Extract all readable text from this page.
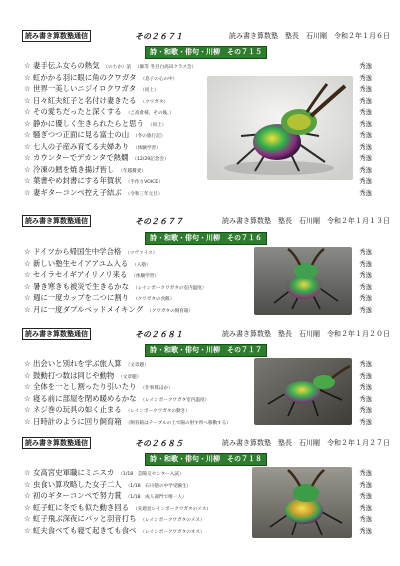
読み書き算数塾通信	その２６７１	読み書き算数塾　塾長　石川剛　令和２年１月６日
詩・和歌・俳句・川柳　その７１５
☆ 妻手伝ふ女らの熱気 （のちか）話 （師等 冬目白高田クラス会）	秀逸
☆ 虹かかる羽に眼に角のクワガタ （息子の心の中）	秀逸
☆ 世界一美しいニジイロクワガタ （同上）	秀逸
☆ 日々紅夫紅子と名付け妻きたる （クワガタ）	秀逸
☆ その愛ちだったと深くする （ご高倉様、その後。）	秀逸
☆ 静かに優しく生きられたらと思う （同上）	秀逸
☆ 騒ぎつつ正面に見る富士の山 （冬の旅行記）	秀逸
☆ 七人の子産み育てる夫婦あり （体験学習）	秀逸
☆ カウンターでデカンタで熱燗 （12/29記念会）	秀逸
☆ 冷凍の鱈を焼き揚げ皆し （年越蕎麦）	秀逸
☆ 葉書やめ封書にする年賀状 （手作りVOICE）	秀逸
☆ 妻ギターコンペ控え子結ぶ （令和三年元旦）	秀逸
読み書き算数塾通信	その２６７７	読み書き算数塾　塾長　石川剛　令和２年１月１３日
詩・和歌・俳句・川柳　その７１６
☆ ドイツから帰国生中学合格 （ツヴァイス）	秀逸
☆ 新しい塾生セイアアユム入る （入塾）	秀逸
☆ セイラセイギアイリノリ来る （体験学習）	秀逸
☆ 暑き寒きも被災で生きるかな （レインボークワガタの室内温度）	秀逸
☆ 週に一度カップを二つに割り （クワガタの食餌）	秀逸
☆ 月に一度ダブルベッドメイキング （クワガタの飼育箱）	秀逸
読み書き算数塾通信	その２６８１	読み書き算数塾　塾長　石川剛　令和２年１月２０日
詩・和歌・俳句・川柳　その７１７
☆ 出会いと別れを学ぶ旅人算 （文章題）	秀逸
☆ 鼓動打つ数は同じや動物 （文章題）	秀逸
☆ 全体を一とし割ったり引いたり （仕事算ほか）	秀逸
☆ 寝る前に部屋を閉め暖めるかな （レインボークワガタ室内温度）	秀逸
☆ ネジ巻の玩具の如く止まる （レインボークワガタの動き）	秀逸
☆ 日時計のように回り飼育箱 （飼育箱はテーブルの上で陽の射す所へ移動する）	秀逸
読み書き算数塾通信	その２６８５	読み書き算数塾　塾長　石川剛　令和２年１月２７日
詩・和歌・俳句・川柳　その７１８
☆ 女高宮史軍職にミニスカ （1/18　芸陽交センター入試）	秀逸
☆ 虫食い算攻略した女子二人 （1/18　石川塾の中学受験生）	秀逸
☆ 初のギターコンペで努力賞 （1/18　成人部門で唯一人）	秀逸
☆ 虹子虹に冬でも似た動き回る （先週見レインボークワガタのメス）	秀逸
☆ 虹子飛ぶ深夜にバッと羽音打ち （レインボークワガタのメス）	秀逸
☆ 虹夫食べても寝て起きても食べ （レインボークワガタのオス）	秀逸
